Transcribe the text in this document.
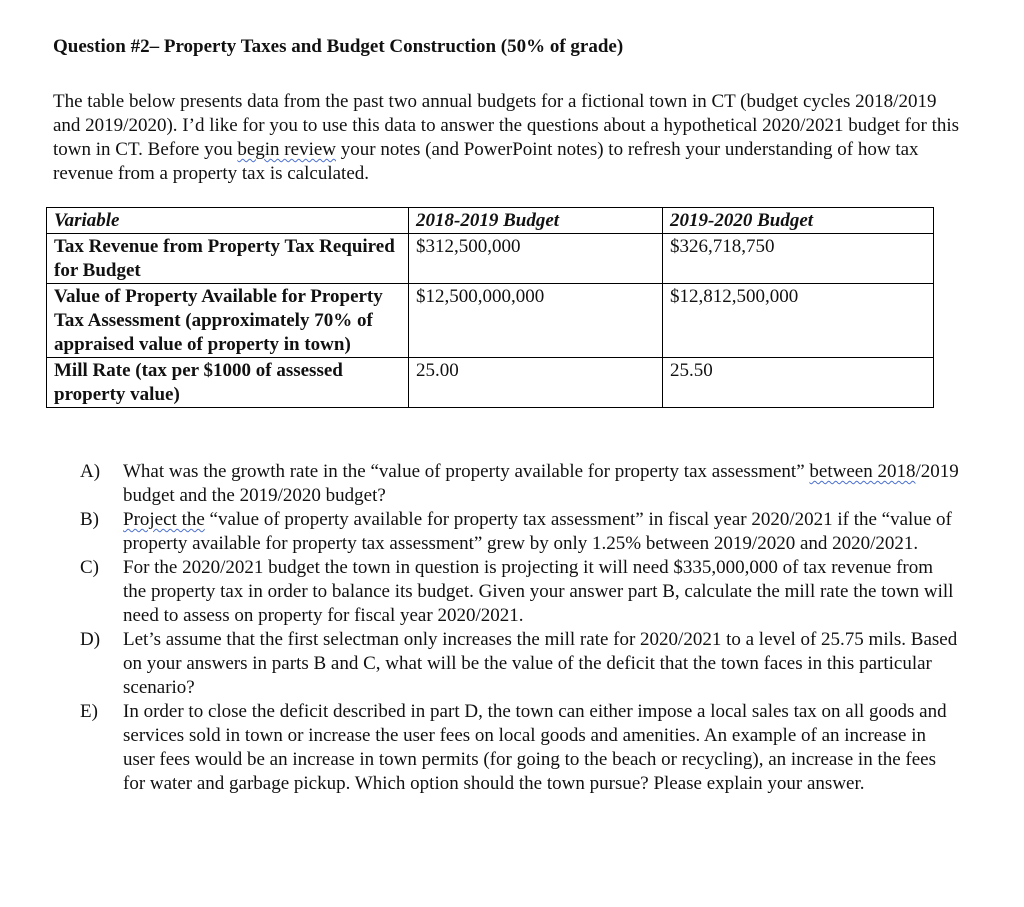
Question #2– Property Taxes and Budget Construction (50% of grade)

The table below presents data from the past two annual budgets for a fictional town in CT (budget cycles 2018/2019 and 2019/2020). I’d like for you to use this data to answer the questions about a hypothetical 2020/2021 budget for this town in CT. Before you begin review your notes (and PowerPoint notes) to refresh your understanding of how tax revenue from a property tax is calculated.

Variable	2018-2019 Budget	2019-2020 Budget
Tax Revenue from Property Tax Required for Budget	$312,500,000	$326,718,750
Value of Property Available for Property Tax Assessment (approximately 70% of appraised value of property in town)	$12,500,000,000	$12,812,500,000
Mill Rate (tax per $1000 of assessed property value)	25.00	25.50

A) What was the growth rate in the “value of property available for property tax assessment” between 2018/2019 budget and the 2019/2020 budget?

B) Project the “value of property available for property tax assessment” in fiscal year 2020/2021 if the “value of property available for property tax assessment” grew by only 1.25% between 2019/2020 and 2020/2021.

C) For the 2020/2021 budget the town in question is projecting it will need $335,000,000 of tax revenue from the property tax in order to balance its budget. Given your answer part B, calculate the mill rate the town will need to assess on property for fiscal year 2020/2021.

D) Let’s assume that the first selectman only increases the mill rate for 2020/2021 to a level of 25.75 mils. Based on your answers in parts B and C, what will be the value of the deficit that the town faces in this particular scenario?

E) In order to close the deficit described in part D, the town can either impose a local sales tax on all goods and services sold in town or increase the user fees on local goods and amenities. An example of an increase in user fees would be an increase in town permits (for going to the beach or recycling), an increase in the fees for water and garbage pickup. Which option should the town pursue? Please explain your answer.
